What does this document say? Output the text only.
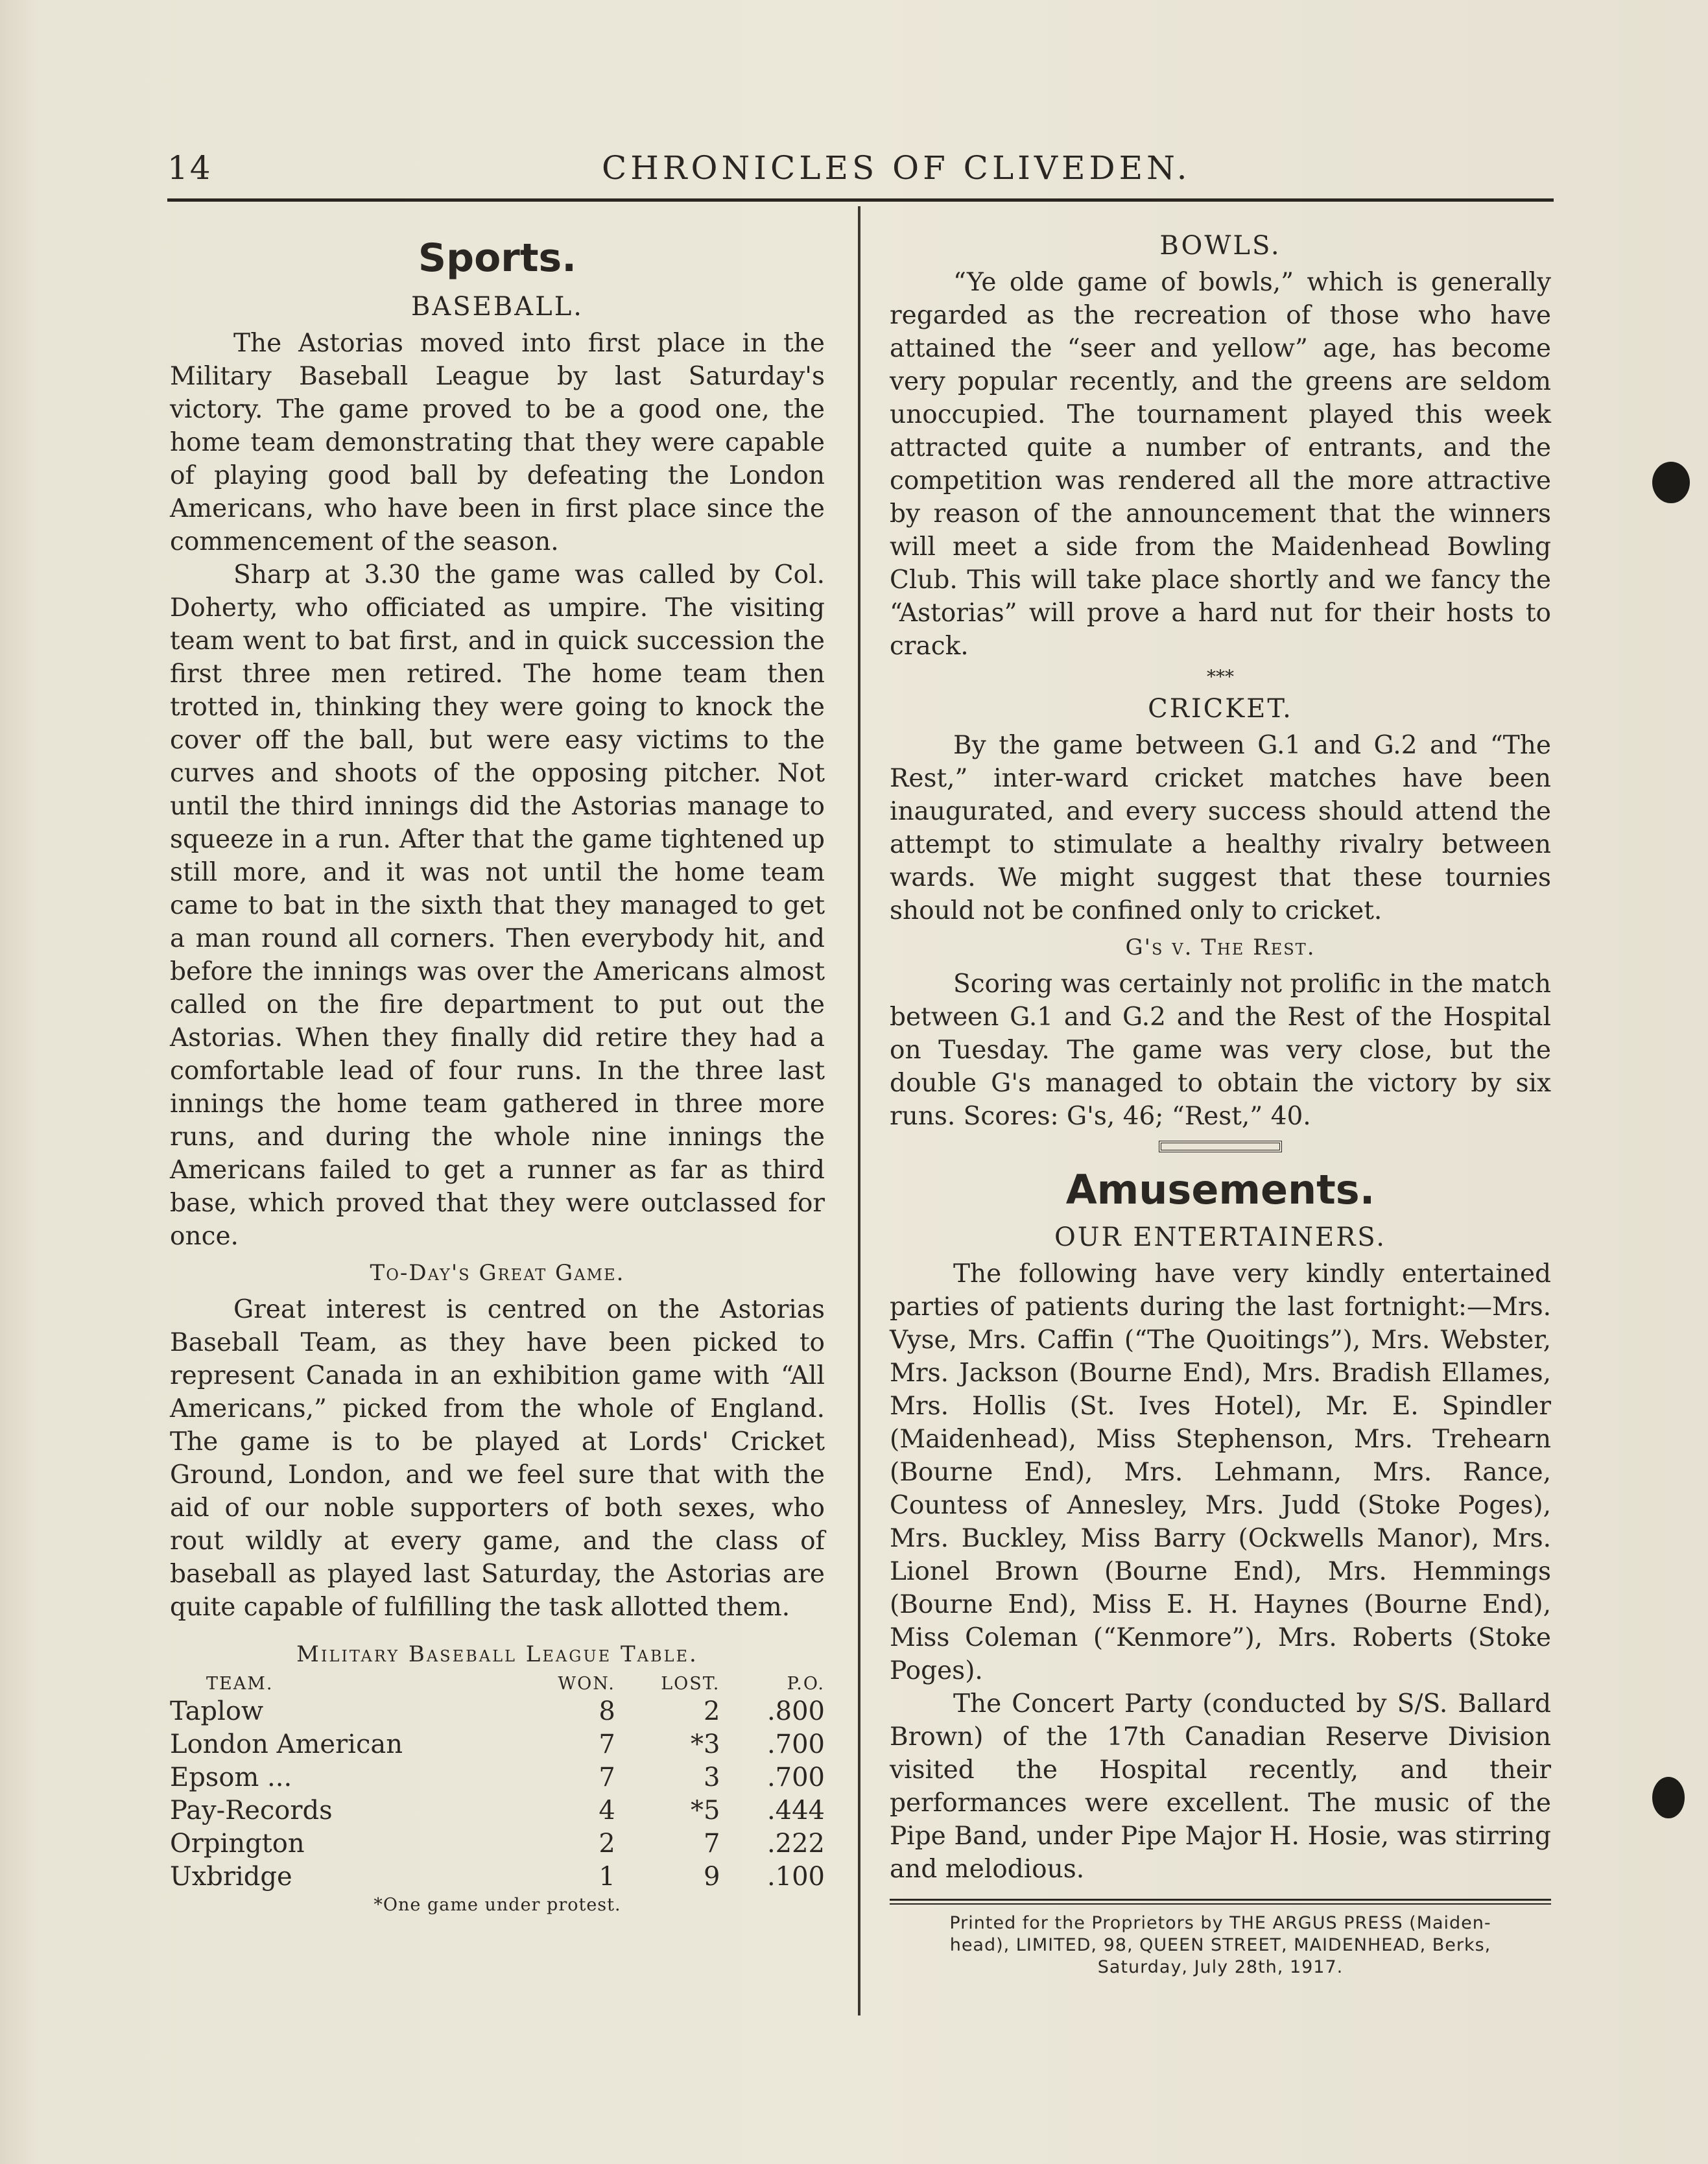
14	CHRONICLES OF CLIVEDEN.
Sports.
BASEBALL.

The Astorias moved into first place in the Military Baseball League by last Saturday's victory. The game proved to be a good one, the home team demonstrating that they were capable of playing good ball by defeating the London Americans, who have been in first place since the commencement of the season.

Sharp at 3.30 the game was called by Col. Doherty, who officiated as umpire. The visiting team went to bat first, and in quick succession the first three men retired. The home team then trotted in, thinking they were going to knock the cover off the ball, but were easy victims to the curves and shoots of the opposing pitcher. Not until the third innings did the Astorias manage to squeeze in a run. After that the game tightened up still more, and it was not until the home team came to bat in the sixth that they managed to get a man round all corners. Then everybody hit, and before the innings was over the Americans almost called on the fire department to put out the Astorias. When they finally did retire they had a comfortable lead of four runs. In the three last innings the home team gathered in three more runs, and during the whole nine innings the Americans failed to get a runner as far as third base, which proved that they were outclassed for once.

To-Day's Great Game.

Great interest is centred on the Astorias Baseball Team, as they have been picked to represent Canada in an exhibition game with “All Americans,” picked from the whole of England. The game is to be played at Lords' Cricket Ground, London, and we feel sure that with the aid of our noble supporters of both sexes, who rout wildly at every game, and the class of baseball as played last Saturday, the Astorias are quite capable of fulfilling the task allotted them.

Military Baseball League Table.
TEAM.	WON.	LOST.	P.O.
Taplow	8	2	.800
London American	7	*3	.700
Epsom ...	7	3	.700
Pay-Records	4	*5	.444
Orpington	2	7	.222
Uxbridge	1	9	.100
*One game under protest.
BOWLS.

“Ye olde game of bowls,” which is generally regarded as the recreation of those who have attained the “seer and yellow” age, has become very popular recently, and the greens are seldom unoccupied. The tournament played this week attracted quite a number of entrants, and the competition was rendered all the more attractive by reason of the announcement that the winners will meet a side from the Maidenhead Bowling Club. This will take place shortly and we fancy the “Astorias” will prove a hard nut for their hosts to crack.

***
CRICKET.

By the game between G.1 and G.2 and “The Rest,” inter-ward cricket matches have been inaugurated, and every success should attend the attempt to stimulate a healthy rivalry between wards. We might suggest that these tournies should not be confined only to cricket.

G's v. The Rest.

Scoring was certainly not prolific in the match between G.1 and G.2 and the Rest of the Hospital on Tuesday. The game was very close, but the double G's managed to obtain the victory by six runs. Scores: G's, 46; “Rest,” 40.

Amusements.
OUR ENTERTAINERS.

The following have very kindly entertained parties of patients during the last fortnight:—Mrs. Vyse, Mrs. Caffin (“The Quoitings”), Mrs. Webster, Mrs. Jackson (Bourne End), Mrs. Bradish Ellames, Mrs. Hollis (St. Ives Hotel), Mr. E. Spindler (Maidenhead), Miss Stephenson, Mrs. Trehearn (Bourne End), Mrs. Lehmann, Mrs. Rance, Countess of Annesley, Mrs. Judd (Stoke Poges), Mrs. Buckley, Miss Barry (Ockwells Manor), Mrs. Lionel Brown (Bourne End), Mrs. Hemmings (Bourne End), Miss E. H. Haynes (Bourne End), Miss Coleman (“Kenmore”), Mrs. Roberts (Stoke Poges).

The Concert Party (conducted by S/S. Ballard Brown) of the 17th Canadian Reserve Division visited the Hospital recently, and their performances were excellent. The music of the Pipe Band, under Pipe Major H. Hosie, was stirring and melodious.

Printed for the Proprietors by THE ARGUS PRESS (Maiden-
head), LIMITED, 98, QUEEN STREET, MAIDENHEAD, Berks,
Saturday, July 28th, 1917.
